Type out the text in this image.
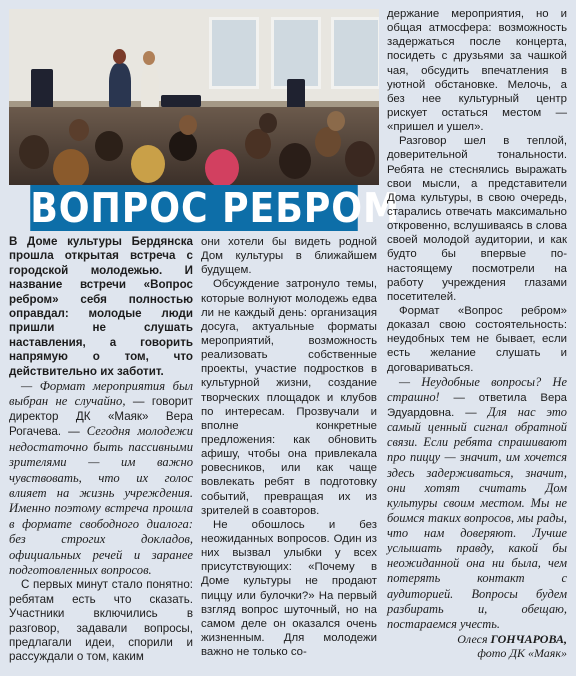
ВОПРОС РЕБРОМ

В Доме культуры Бердянска прошла открытая встреча с городской молодежью. И название встречи «Вопрос ребром» себя полностью оправдал: молодые люди пришли не слушать наставления, а говорить напрямую о том, что действительно их заботит.

— Формат мероприятия был выбран не случайно, — говорит директор ДК «Маяк» Вера Рогачева. — Сегодня молодежи недостаточно быть пассивными зрителями — им важно чувствовать, что их голос влияет на жизнь учреждения. Именно поэтому встреча прошла в формате свободного диалога: без строгих докладов, официальных речей и заранее подготовленных вопросов.

С первых минут стало понятно: ребятам есть что сказать. Участники включились в разговор, задавали вопросы, предлагали идеи, спорили и рассуждали о том, каким

они хотели бы видеть родной Дом культуры в ближайшем будущем.

Обсуждение затронуло темы, которые волнуют молодежь едва ли не каждый день: организация досуга, актуальные форматы мероприятий, возможность реализовать собственные проекты, участие подростков в культурной жизни, создание творческих площадок и клубов по интересам. Прозвучали и вполне конкретные предложения: как обновить афишу, чтобы она привлекала ровесников, или как чаще вовлекать ребят в подготовку событий, превращая их из зрителей в соавторов.

Не обошлось и без неожиданных вопросов. Один из них вызвал улыбки у всех присутствующих: «Почему в Доме культуры не продают пиццу или булочки?» На первый взгляд вопрос шуточный, но на самом деле он оказался очень жизненным. Для молодежи важно не только со-

держание мероприятия, но и общая атмосфера: возможность задержаться после концерта, посидеть с друзьями за чашкой чая, обсудить впечатления в уютной обстановке. Мелочь, а без нее культурный центр рискует остаться местом — «пришел и ушел».

Разговор шел в теплой, доверительной тональности. Ребята не стеснялись выражать свои мысли, а представители Дома культуры, в свою очередь, старались отвечать максимально откровенно, вслушиваясь в слова своей молодой аудитории, и как будто бы впервые по-настоящему посмотрели на работу учреждения глазами посетителей.

Формат «Вопрос ребром» доказал свою состоятельность: неудобных тем не бывает, если есть желание слушать и договариваться.

— Неудобные вопросы? Не страшно! — ответила Вера Эдуардовна. — Для нас это самый ценный сигнал обратной связи. Если ребята спрашивают про пиццу — значит, им хочется здесь задерживаться, значит, они хотят считать Дом культуры своим местом. Мы не боимся таких вопросов, мы рады, что нам доверяют. Лучше услышать правду, какой бы неожиданной она ни была, чем потерять контакт с аудиторией. Вопросы будем разбирать и, обещаю, постараемся учесть.

Олеся ГОНЧАРОВА,

фото ДК «Маяк»
